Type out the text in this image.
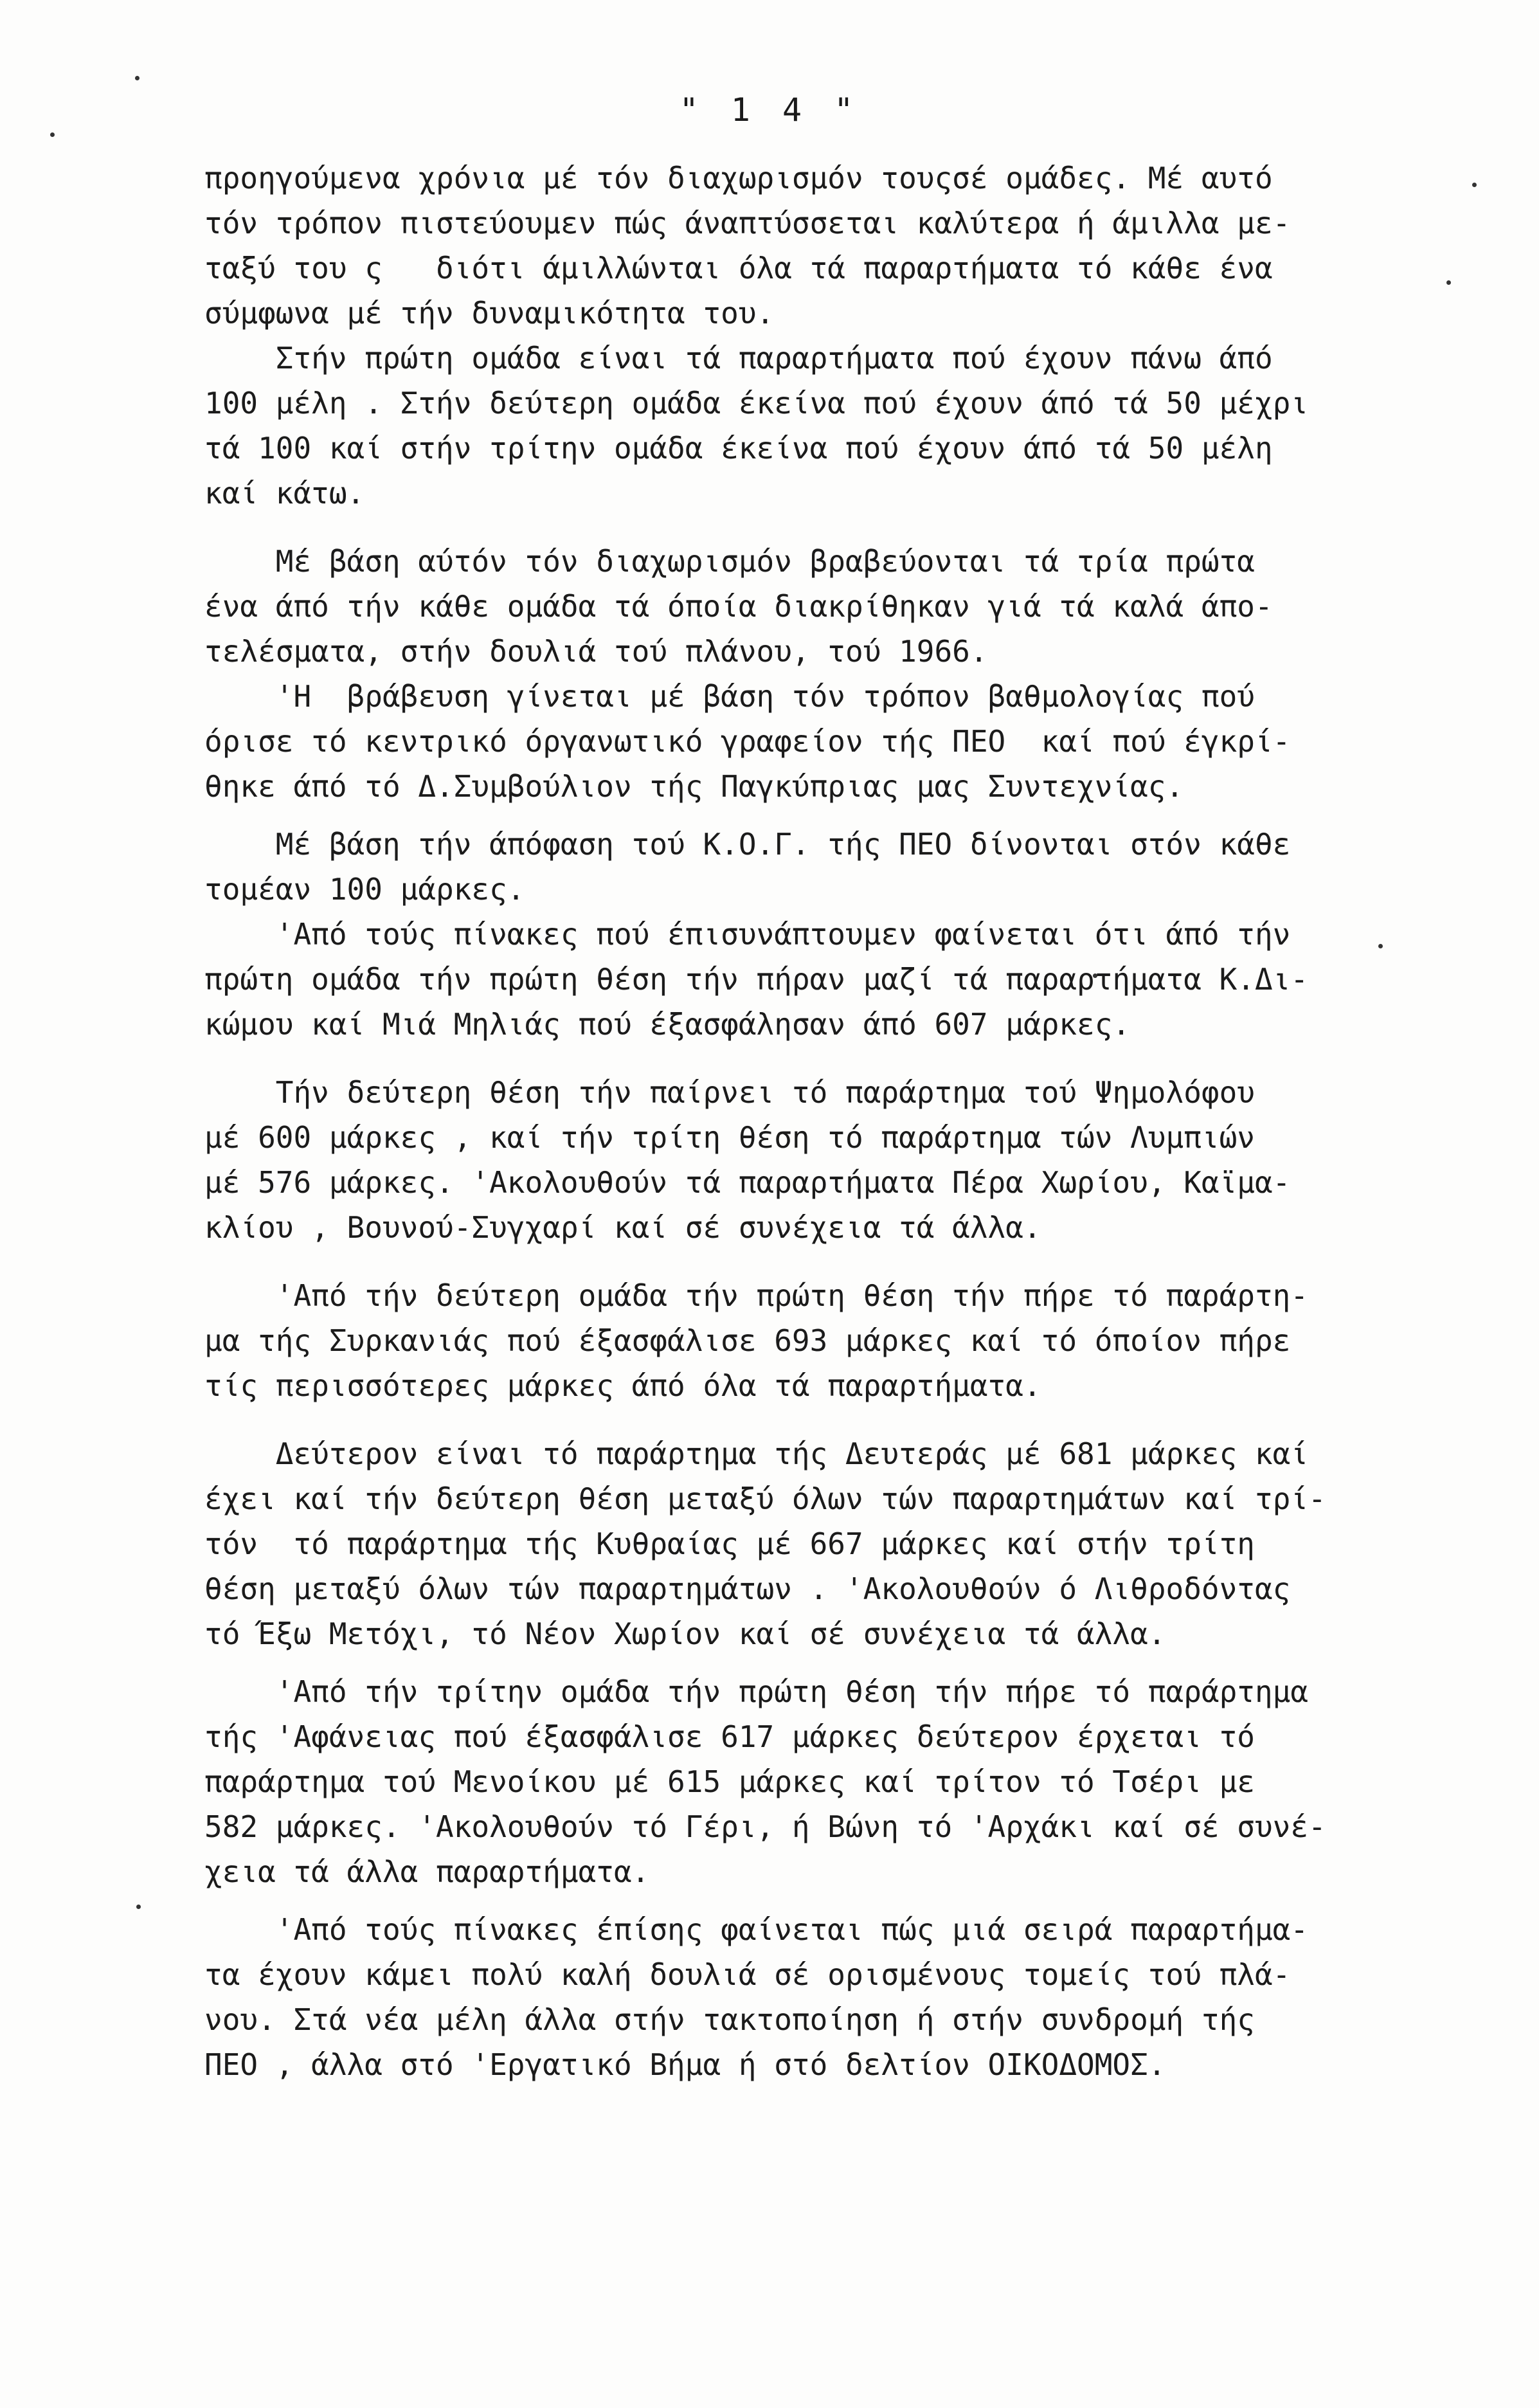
" 1 4 "
προηγούμενα χρόνια μέ τόν διαχωρισμόν τουςσέ ομάδες. Μέ αυτό
τόν τρόπον πιστεύουμεν πώς άναπτύσσεται καλύτερα ή άμιλλα με-
ταξύ του ς   διότι άμιλλώνται όλα τά παραρτήματα τό κάθε ένα
σύμφωνα μέ τήν δυναμικότητα του.
Στήν πρώτη ομάδα είναι τά παραρτήματα πού έχουν πάνω άπό
100 μέλη . Στήν δεύτερη ομάδα έκείνα πού έχουν άπό τά 50 μέχρι
τά 100 καί στήν τρίτην ομάδα έκείνα πού έχουν άπό τά 50 μέλη
καί κάτω.
Μέ βάση αύτόν τόν διαχωρισμόν βραβεύονται τά τρία πρώτα
ένα άπό τήν κάθε ομάδα τά όποία διακρίθηκαν γιά τά καλά άπο-
τελέσματα, στήν δουλιά τού πλάνου, τού 1966.
'Η  βράβευση γίνεται μέ βάση τόν τρόπον βαθμολογίας πού
όρισε τό κεντρικό όργανωτικό γραφείον τής ΠΕΟ  καί πού έγκρί-
θηκε άπό τό Δ.Συμβούλιον τής Παγκύπριας μας Συντεχνίας.
Μέ βάση τήν άπόφαση τού Κ.Ο.Γ. τής ΠΕΟ δίνονται στόν κάθε
τομέαν 100 μάρκες.
'Από τούς πίνακες πού έπισυνάπτουμεν φαίνεται ότι άπό τήν
πρώτη ομάδα τήν πρώτη θέση τήν πήραν μαζί τά παραρτήματα Κ.Δι-
κώμου καί Μιά Μηλιάς πού έξασφάλησαν άπό 607 μάρκες.
Τήν δεύτερη θέση τήν παίρνει τό παράρτημα τού Ψημολόφου
μέ 600 μάρκες , καί τήν τρίτη θέση τό παράρτημα τών Λυμπιών
μέ 576 μάρκες. 'Ακολουθούν τά παραρτήματα Πέρα Χωρίου, Καϊμα-
κλίου , Βουνού-Συγχαρί καί σέ συνέχεια τά άλλα.
'Από τήν δεύτερη ομάδα τήν πρώτη θέση τήν πήρε τό παράρτη-
μα τής Συρκανιάς πού έξασφάλισε 693 μάρκες καί τό όποίον πήρε
τίς περισσότερες μάρκες άπό όλα τά παραρτήματα.
Δεύτερον είναι τό παράρτημα τής Δευτεράς μέ 681 μάρκες καί
έχει καί τήν δεύτερη θέση μεταξύ όλων τών παραρτημάτων καί τρί-
τόν  τό παράρτημα τής Κυθραίας μέ 667 μάρκες καί στήν τρίτη
θέση μεταξύ όλων τών παραρτημάτων . 'Ακολουθούν ό Λιθροδόντας
τό Έξω Μετόχι, τό Νέον Χωρίον καί σέ συνέχεια τά άλλα.
'Από τήν τρίτην ομάδα τήν πρώτη θέση τήν πήρε τό παράρτημα
τής 'Αφάνειας πού έξασφάλισε 617 μάρκες δεύτερον έρχεται τό
παράρτημα τού Μενοίκου μέ 615 μάρκες καί τρίτον τό Τσέρι με
582 μάρκες. 'Ακολουθούν τό Γέρι, ή Βώνη τό 'Αρχάκι καί σέ συνέ-
χεια τά άλλα παραρτήματα.
'Από τούς πίνακες έπίσης φαίνεται πώς μιά σειρά παραρτήμα-
τα έχουν κάμει πολύ καλή δουλιά σέ ορισμένους τομείς τού πλά-
νου. Στά νέα μέλη άλλα στήν τακτοποίηση ή στήν συνδρομή τής
ΠΕΟ , άλλα στό 'Εργατικό Βήμα ή στό δελτίον ΟΙΚΟΔΟΜΟΣ.
